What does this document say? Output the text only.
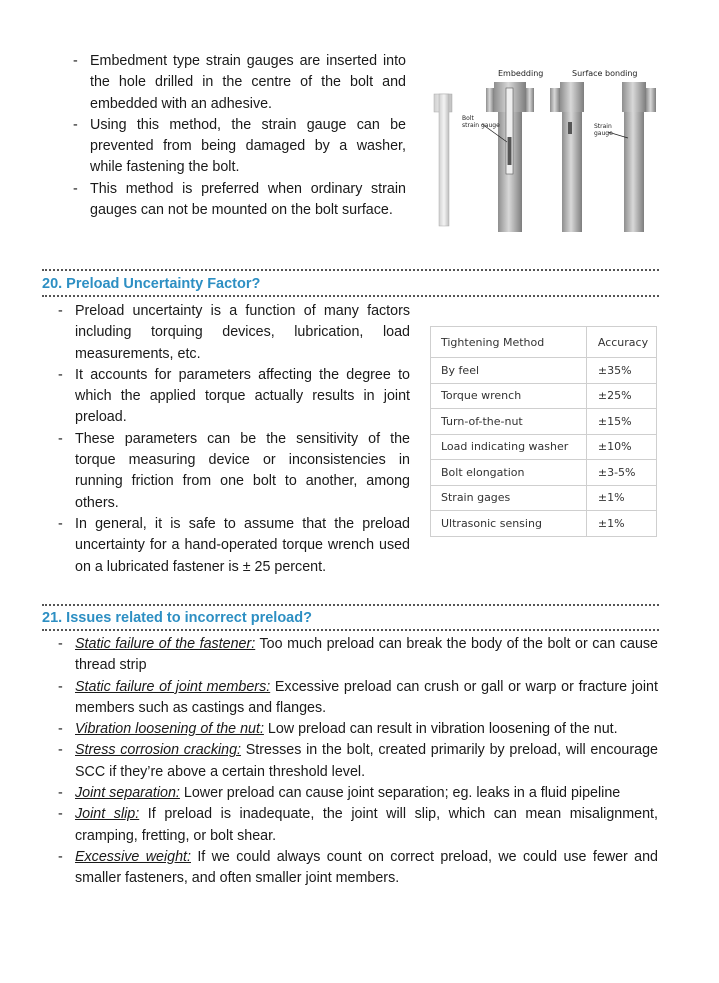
- Embedment type strain gauges are inserted into the hole drilled in the centre of the bolt and embedded with an adhesive.
- Using this method, the strain gauge can be prevented from being damaged by a washer, while fastening the bolt.
- This method is preferred when ordinary strain gauges can not be mounted on the bolt surface.
Embedding	Surface bonding
Bolt
strain gauge	Strain
gauge
20. Preload Uncertainty Factor?
- Preload uncertainty is a function of many factors including torquing devices, lubrication, load measurements, etc.
- It accounts for parameters affecting the degree to which the applied torque actually results in joint preload.
- These parameters can be the sensitivity of the torque measuring device or inconsistencies in running friction from one bolt to another, among others.
- In general, it is safe to assume that the preload uncertainty for a hand-operated torque wrench used on a lubricated fastener is ± 25 percent.
Tightening Method	Accuracy
By feel	±35%
Torque wrench	±25%
Turn-of-the-nut	±15%
Load indicating washer	±10%
Bolt elongation	±3-5%
Strain gages	±1%
Ultrasonic sensing	±1%
21. Issues related to incorrect preload?
- Static failure of the fastener: Too much preload can break the body of the bolt or can cause thread strip
- Static failure of joint members: Excessive preload can crush or gall or warp or fracture joint members such as castings and flanges.
- Vibration loosening of the nut: Low preload can result in vibration loosening of the nut.
- Stress corrosion cracking: Stresses in the bolt, created primarily by preload, will encourage SCC if they’re above a certain threshold level.
- Joint separation: Lower preload can cause joint separation; eg. leaks in a fluid pipeline
- Joint slip: If preload is inadequate, the joint will slip, which can mean misalignment, cramping, fretting, or bolt shear.
- Excessive weight: If we could always count on correct preload, we could use fewer and smaller fasteners, and often smaller joint members.
